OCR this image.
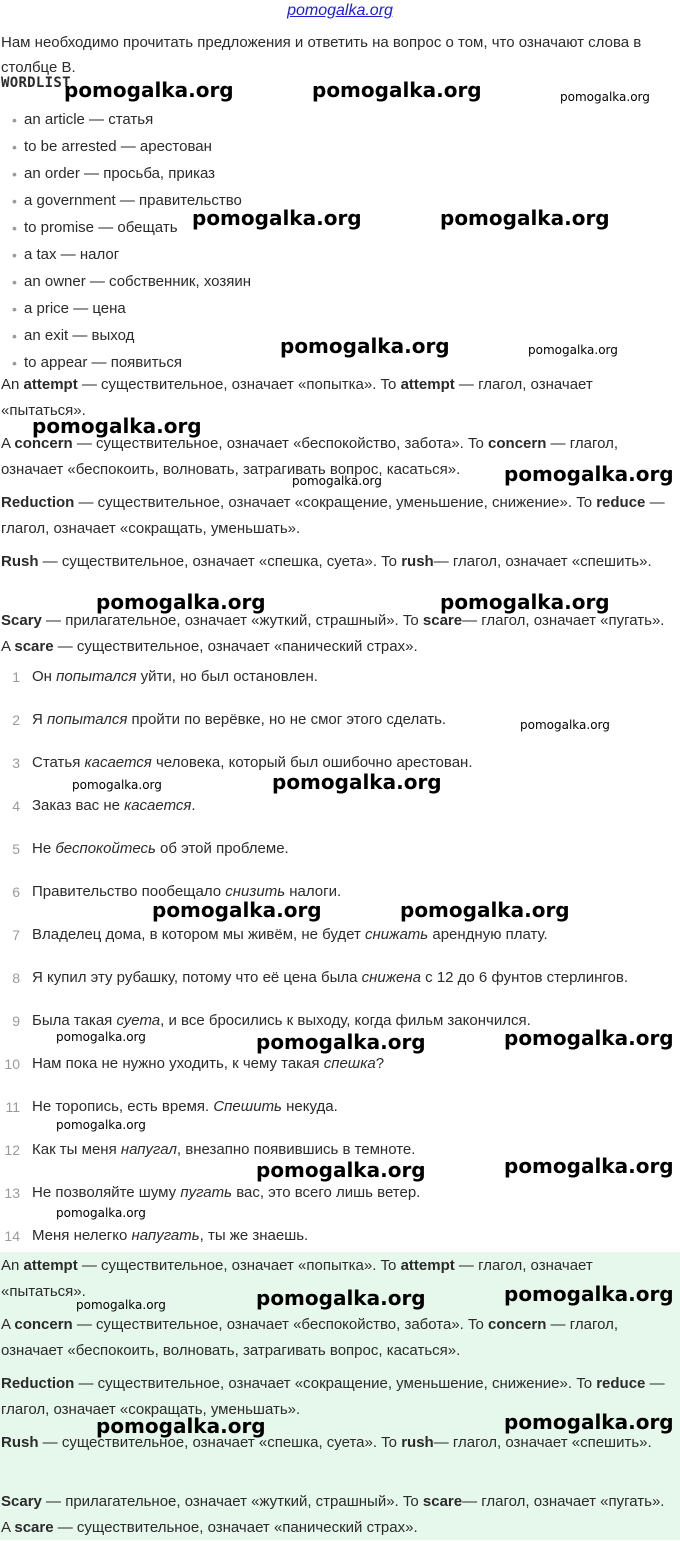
pomogalka.org
Нам необходимо прочитать предложения и ответить на вопрос о том, что означают слова в столбце B.
WORDLIST
• an article — статья
• to be arrested — арестован
• an order — просьба, приказ
• a government — правительство
• to promise — обещать
• a tax — налог
• an owner — собственник, хозяин
• a price — цена
• an exit — выход
• to appear — появиться
An attempt — существительное, означает «попытка». To attempt — глагол, означает «пытаться».
A concern — существительное, означает «беспокойство, забота». To concern — глагол, означает «беспокоить, волновать, затрагивать вопрос, касаться».
Reduction — существительное, означает «сокращение, уменьшение, снижение». To reduce — глагол, означает «сокращать, уменьшать».
Rush — существительное, означает «спешка, суета». To rush— глагол, означает «спешить».
Scary — прилагательное, означает «жуткий, страшный». To scare— глагол, означает «пугать». A scare — существительное, означает «панический страх».
1 Он попытался уйти, но был остановлен.
2 Я попытался пройти по верёвке, но не смог этого сделать.
3 Статья касается человека, который был ошибочно арестован.
4 Заказ вас не касается.
5 Не беспокойтесь об этой проблеме.
6 Правительство пообещало снизить налоги.
7 Владелец дома, в котором мы живём, не будет снижать арендную плату.
8 Я купил эту рубашку, потому что её цена была снижена с 12 до 6 фунтов стерлингов.
9 Была такая суета, и все бросились к выходу, когда фильм закончился.
10 Нам пока не нужно уходить, к чему такая спешка?
11 Не торопись, есть время. Спешить некуда.
12 Как ты меня напугал, внезапно появившись в темноте.
13 Не позволяйте шуму пугать вас, это всего лишь ветер.
14 Меня нелегко напугать, ты же знаешь.
An attempt — существительное, означает «попытка». To attempt — глагол, означает «пытаться».
A concern — существительное, означает «беспокойство, забота». To concern — глагол, означает «беспокоить, волновать, затрагивать вопрос, касаться».
Reduction — существительное, означает «сокращение, уменьшение, снижение». To reduce — глагол, означает «сокращать, уменьшать».
Rush — существительное, означает «спешка, суета». To rush— глагол, означает «спешить».
Scary — прилагательное, означает «жуткий, страшный». To scare— глагол, означает «пугать». A scare — существительное, означает «панический страх».
pomogalka.org	pomogalka.org	pomogalka.org
pomogalka.org	pomogalka.org
pomogalka.org	pomogalka.org
pomogalka.org
pomogalka.org
pomogalka.org
pomogalka.org	pomogalka.org
pomogalka.org
pomogalka.org	pomogalka.org
pomogalka.org	pomogalka.org
pomogalka.org	pomogalka.org	pomogalka.org
pomogalka.org
pomogalka.org	pomogalka.org
pomogalka.org
pomogalka.org	pomogalka.org
pomogalka.org
pomogalka.org	pomogalka.org
